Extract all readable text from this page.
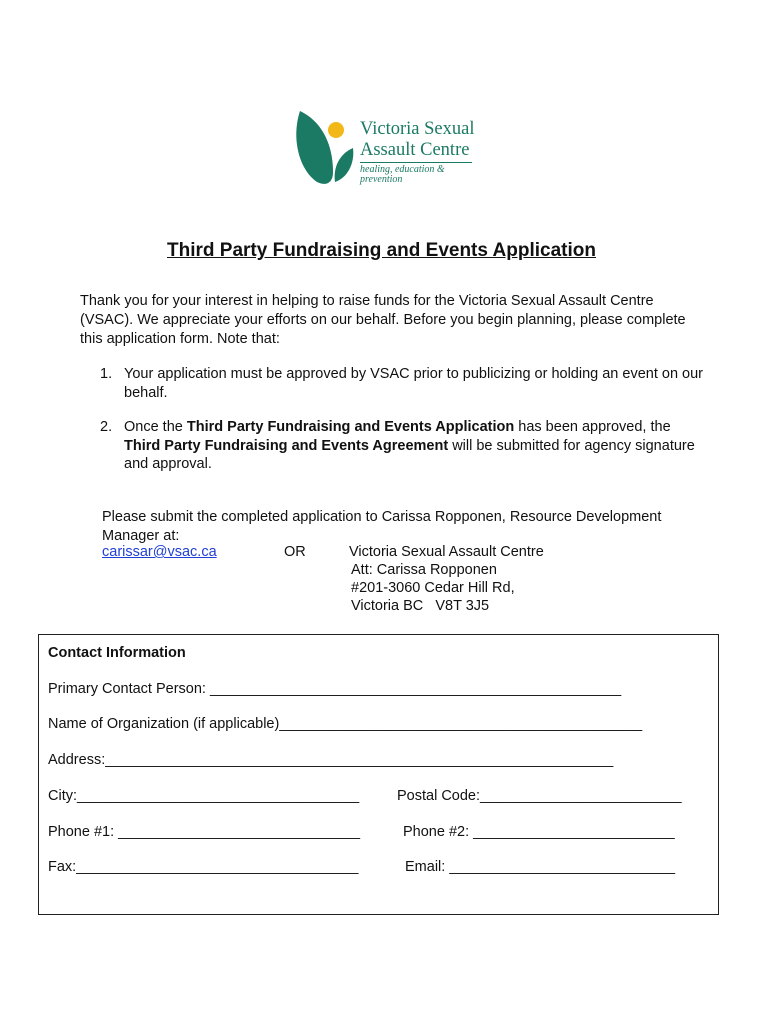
Victoria Sexual
Assault Centre
healing, education & prevention
Third Party Fundraising and Events Application
Thank you for your interest in helping to raise funds for the Victoria Sexual Assault Centre (VSAC). We appreciate your efforts on our behalf. Before you begin planning, please complete this application form. Note that:
1. Your application must be approved by VSAC prior to publicizing or holding an event on our behalf.
2. Once the Third Party Fundraising and Events Application has been approved, the Third Party Fundraising and Events Agreement will be submitted for agency signature and approval.
Please submit the completed application to Carissa Ropponen, Resource Development Manager at:
carissar@vsac.ca	OR	Victoria Sexual Assault Centre
Att: Carissa Ropponen
#201-3060 Cedar Hill Rd,
Victoria BC   V8T 3J5
Contact Information
Primary Contact Person: ___________________________________________________
Name of Organization (if applicable)_____________________________________________
Address:_______________________________________________________________
City:___________________________________	Postal Code:_________________________
Phone #1: ______________________________	Phone #2: _________________________
Fax:___________________________________	Email: ____________________________
